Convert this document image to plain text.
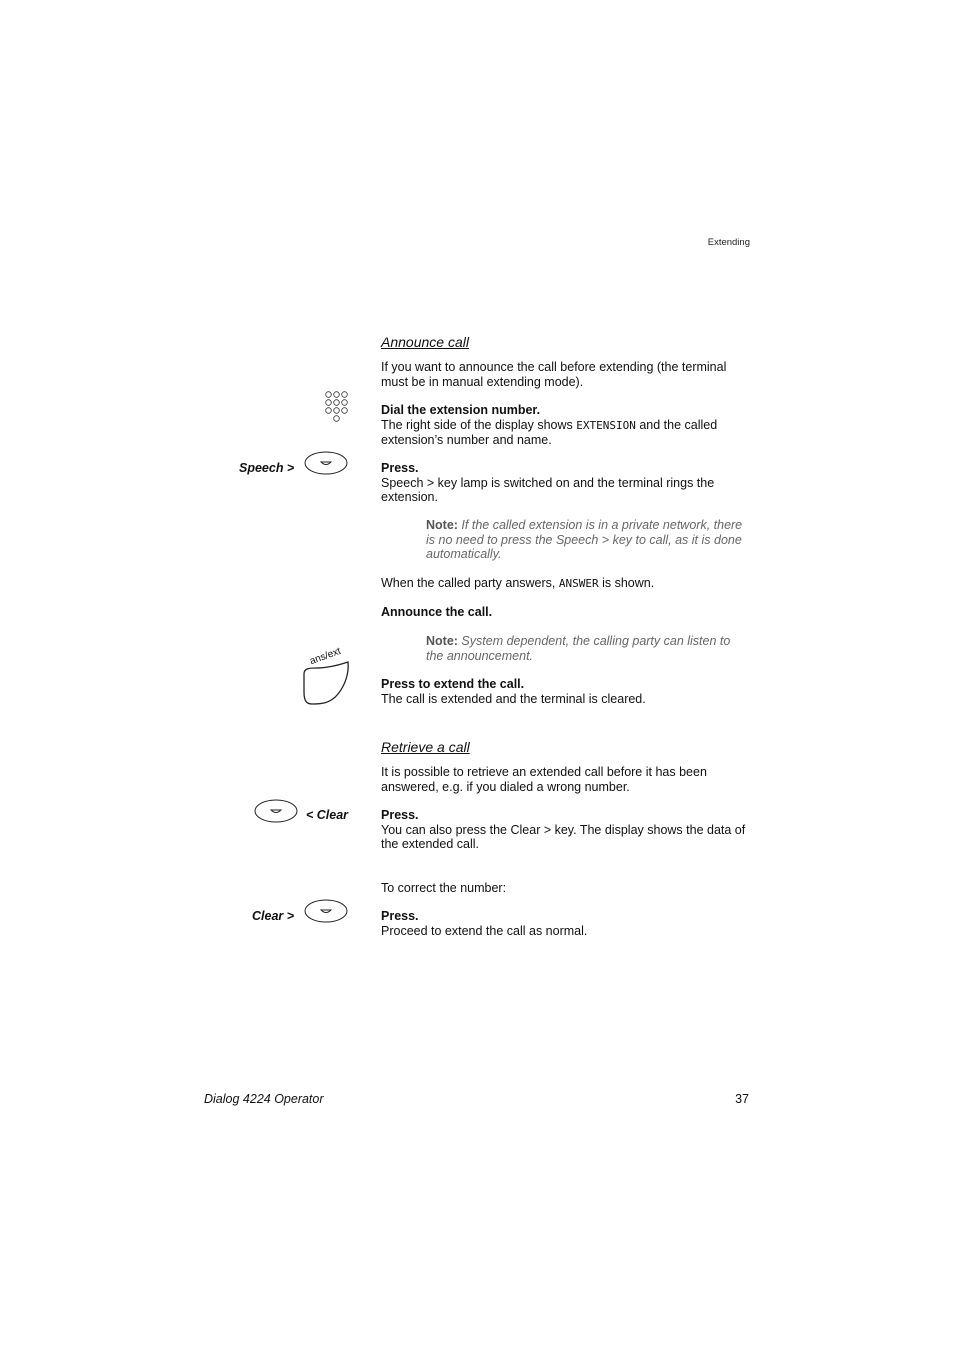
Extending
Announce call
If you want to announce the call before extending (the terminal must be in manual extending mode).
Dial the extension number.
The right side of the display shows EXTENSION and the called extension’s number and name.
Speech >	Press.
Speech > key lamp is switched on and the terminal rings the extension.
Note: If the called extension is in a private network, there is no need to press the Speech > key to call, as it is done automatically.
When the called party answers, ANSWER is shown.
Announce the call.
Note: System dependent, the calling party can listen to the announcement.
ans/ext
Press to extend the call.
The call is extended and the terminal is cleared.
Retrieve a call
It is possible to retrieve an extended call before it has been answered, e.g. if you dialed a wrong number.
< Clear	Press.
You can also press the Clear > key. The display shows the data of the extended call.
To correct the number:
Clear >	Press.
Proceed to extend the call as normal.
Dialog 4224 Operator	37
